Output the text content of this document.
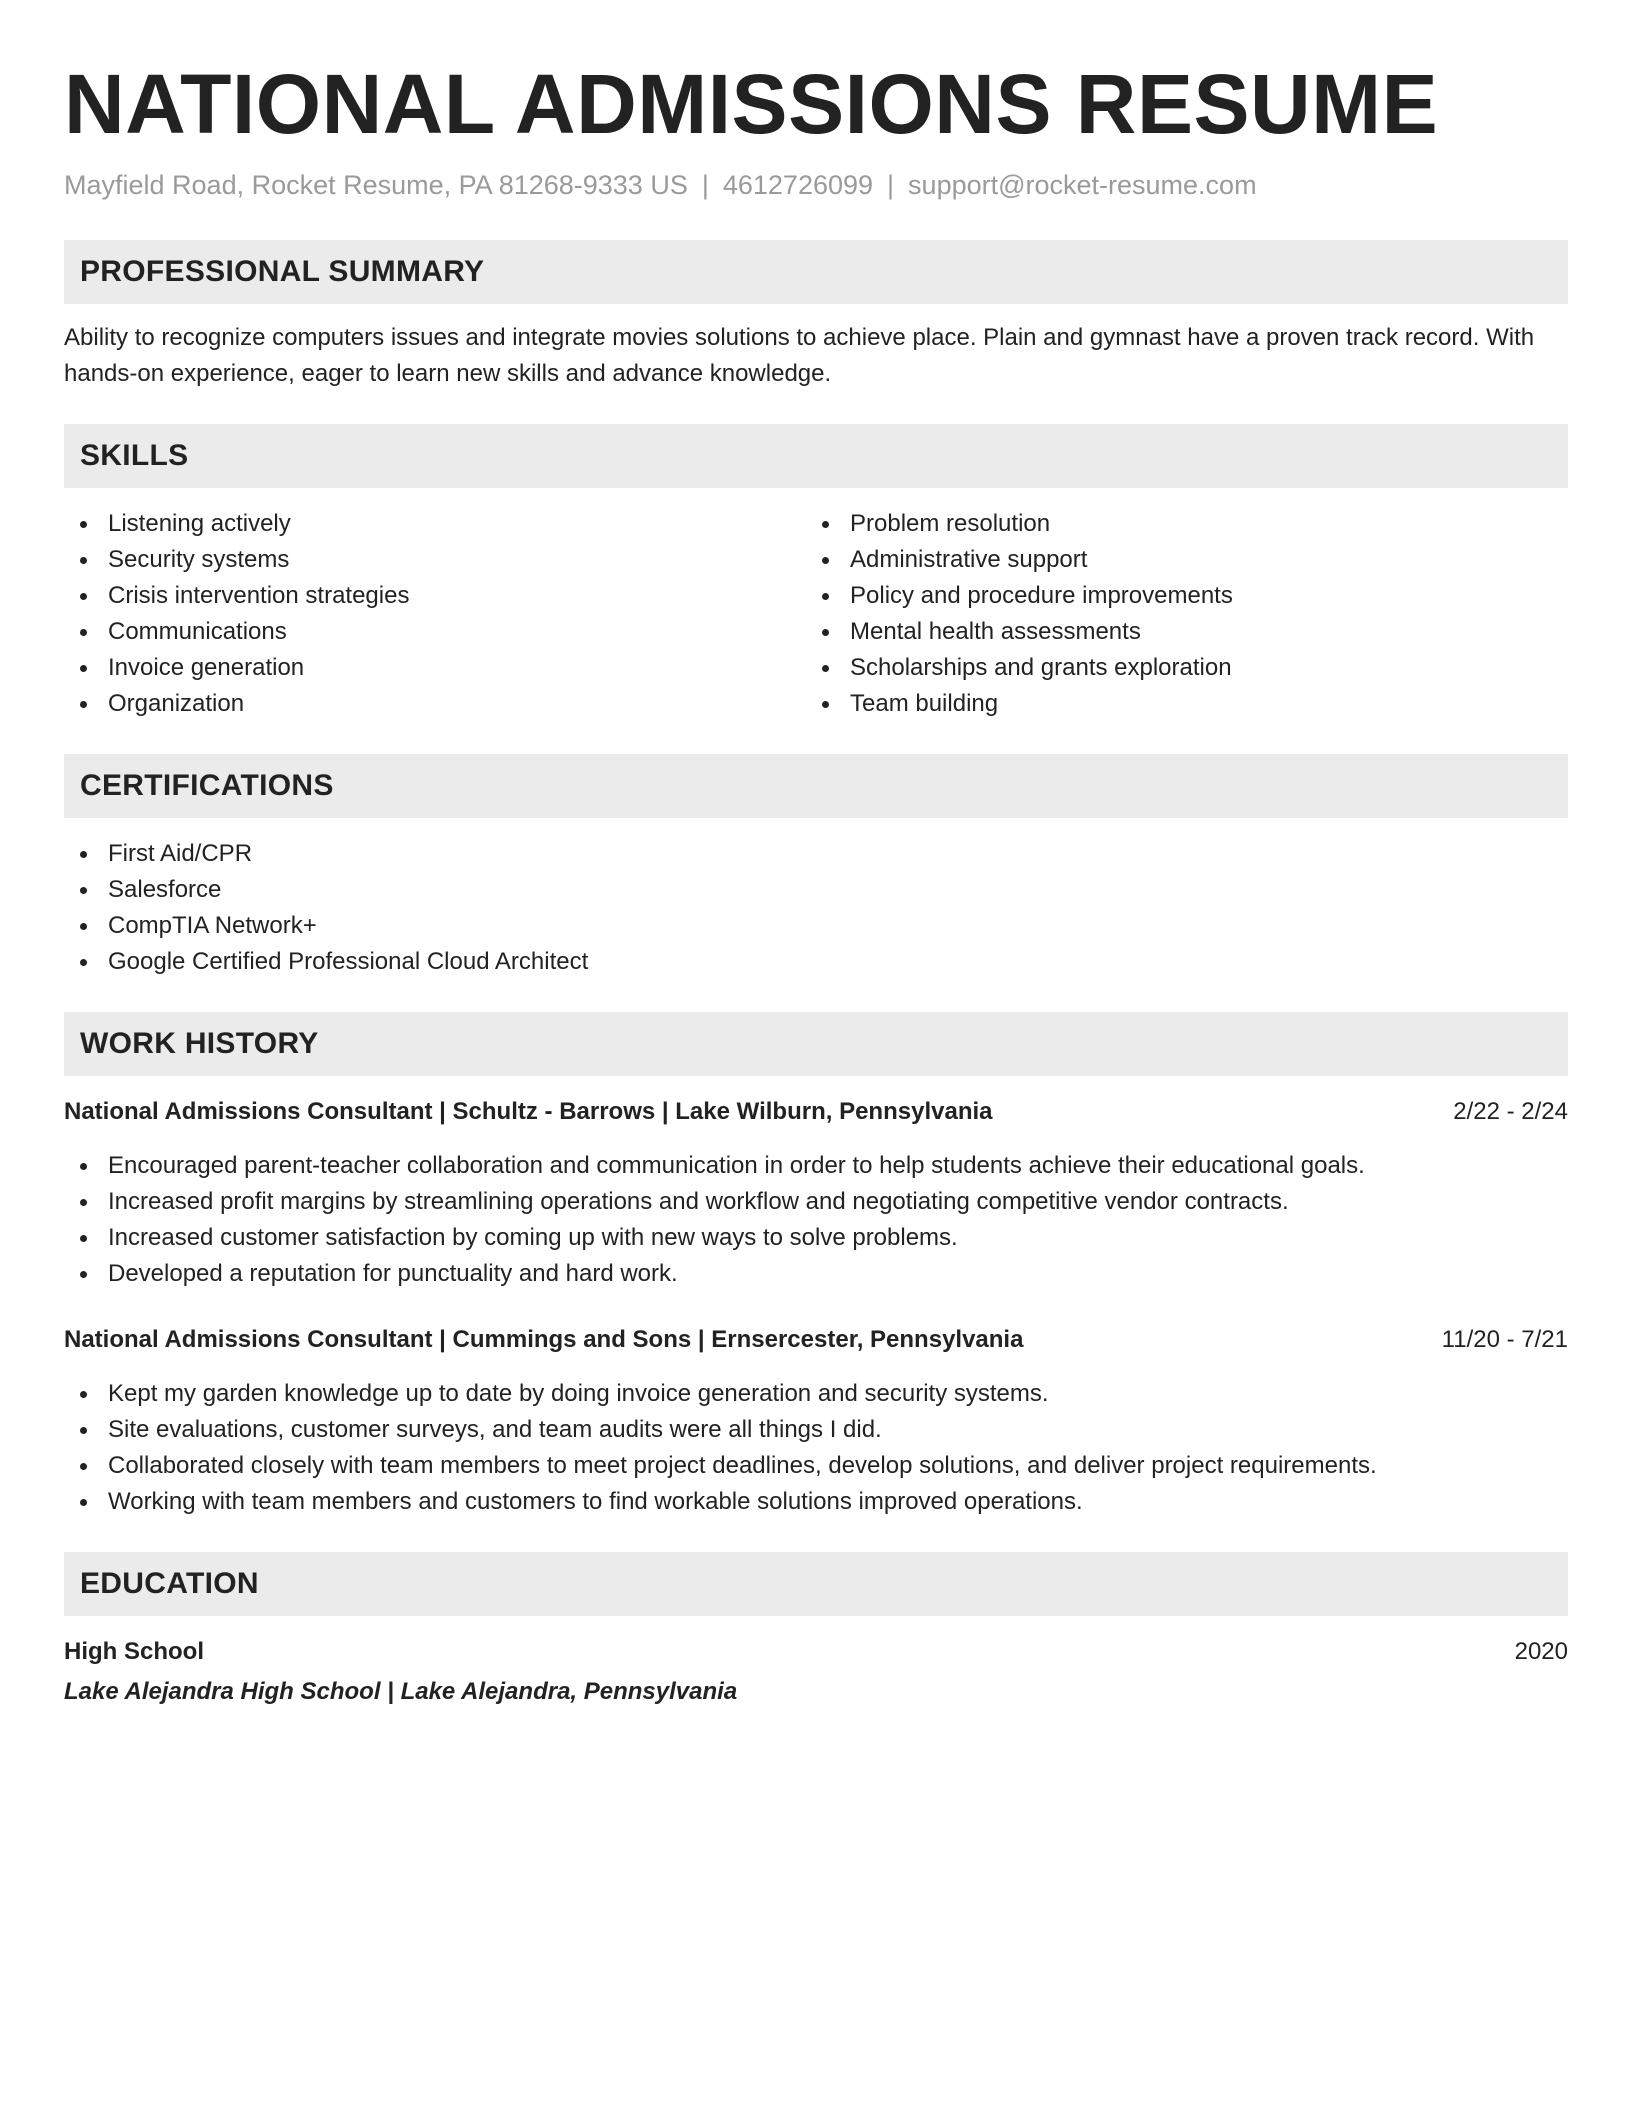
NATIONAL ADMISSIONS RESUME
Mayfield Road, Rocket Resume, PA 81268-9333 US | 4612726099 | support@rocket-resume.com
PROFESSIONAL SUMMARY
Ability to recognize computers issues and integrate movies solutions to achieve place. Plain and gymnast have a proven track record. With hands-on experience, eager to learn new skills and advance knowledge.
SKILLS
Listening actively
Security systems
Crisis intervention strategies
Communications
Invoice generation
Organization
Problem resolution
Administrative support
Policy and procedure improvements
Mental health assessments
Scholarships and grants exploration
Team building
CERTIFICATIONS
First Aid/CPR
Salesforce
CompTIA Network+
Google Certified Professional Cloud Architect
WORK HISTORY
National Admissions Consultant | Schultz - Barrows | Lake Wilburn, Pennsylvania	2/22 - 2/24
Encouraged parent-teacher collaboration and communication in order to help students achieve their educational goals.
Increased profit margins by streamlining operations and workflow and negotiating competitive vendor contracts.
Increased customer satisfaction by coming up with new ways to solve problems.
Developed a reputation for punctuality and hard work.
National Admissions Consultant | Cummings and Sons | Ernsercester, Pennsylvania	11/20 - 7/21
Kept my garden knowledge up to date by doing invoice generation and security systems.
Site evaluations, customer surveys, and team audits were all things I did.
Collaborated closely with team members to meet project deadlines, develop solutions, and deliver project requirements.
Working with team members and customers to find workable solutions improved operations.
EDUCATION
High School	2020
Lake Alejandra High School | Lake Alejandra, Pennsylvania
